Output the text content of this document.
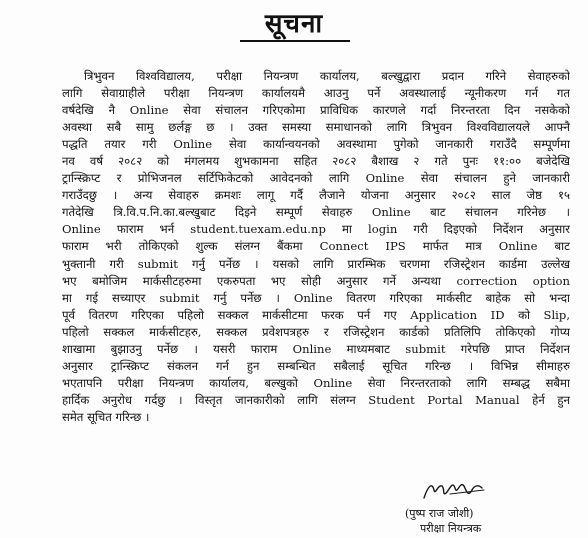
सूचना
त्रिभुवन विश्वविद्यालय, परीक्षा नियन्त्रण कार्यालय, बल्खुद्वारा प्रदान गरिने सेवाहरुको
लागि सेवाग्राहीले परीक्षा नियन्त्रण कार्यालयमै आउनु पर्ने अवस्थालाई न्यूनीकरण गर्न गत
वर्षदेखि नै Online सेवा संचालन गरिएकोमा प्राविधिक कारणले गर्दा निरन्तरता दिन नसकेको
अवस्था सबै सामु छर्लङ्ग छ । उक्त समस्या समाधानको लागि त्रिभुवन विश्वविद्यालयले आफ्नै
पद्धति तयार गरी Online सेवा कार्यान्वयनको अवस्थामा पुगेको जानकारी गराउँदै सम्पूर्णमा
नव वर्ष २०८२ को मंगलमय शुभकामना सहित २०८२ बैशाख २ गते पुनः ११:०० बजेदेखि
ट्रान्स्क्रिप्ट र प्रोभिजनल सर्टिफिकेटको आवेदनको लागि Online सेवा संचालन हुने जानकारी
गराउँदछु । अन्य सेवाहरु क्रमशः लागू गर्दै लैजाने योजना अनुसार २०८२ साल जेष्ठ १५
गतेदेखि त्रि.वि.प.नि.का.बल्खुबाट दिइने सम्पूर्ण सेवाहरु Online बाट संचालन गरिनेछ ।
Online फाराम भर्न student.tuexam.edu.np मा login गरी दिइएको निर्देशन अनुसार
फाराम भरी तोकिएको शुल्क संलग्न बैंकमा Connect IPS मार्फत मात्र Online बाट
भुक्तानी गरी submit गर्नु पर्नेछ । यसको लागि प्रारम्भिक चरणमा रजिस्ट्रेशन कार्डमा उल्लेख
भए बमोजिम मार्कसीटहरुमा एकरुपता भए सोही अनुसार गर्ने अन्यथा correction option
मा गई सच्याएर submit गर्नु पर्नेछ । Online वितरण गरिएका मार्कसीट बाहेक सो भन्दा
पूर्व वितरण गरिएका पहिलो सक्कल मार्कसीटमा फरक पर्न गए Application ID को Slip,
पहिलो सक्कल मार्कसीटहरु, सक्कल प्रवेशपत्रहरु र रजिस्ट्रेशन कार्डको प्रतिलिपि तोकिएको गोप्य
शाखामा बुझाउनु पर्नेछ । यसरी फाराम Online माध्यमबाट submit गरेपछि प्राप्त निर्देशन
अनुसार ट्रान्स्क्रिप्ट संकलन गर्न हुन सम्बन्धित सबैलाई सूचित गरिन्छ । विभिन्न सीमाहरु
भएतापनि परीक्षा नियन्त्रण कार्यालय, बल्खुको Online सेवा निरन्तरताको लागि सम्बद्ध सबैमा
हार्दिक अनुरोध गर्दछु । विस्तृत जानकारीको लागि संलग्न Student Portal Manual हेर्न हुन
समेत सूचित गरिन्छ ।
(पुष्प राज जोशी)
परीक्षा नियन्त्रक
